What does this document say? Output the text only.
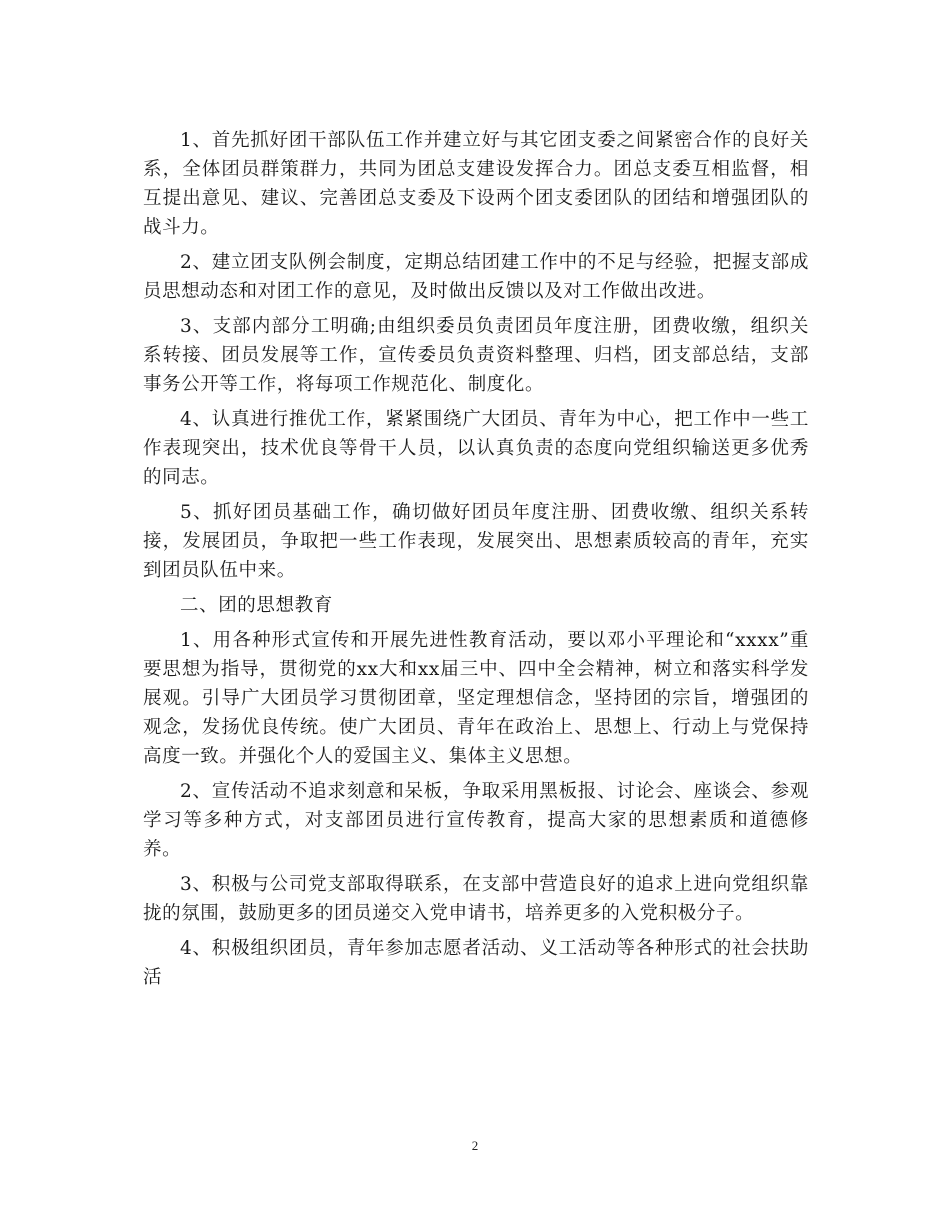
1、首先抓好团干部队伍工作并建立好与其它团支委之间紧密合作的良好关系，全体团员群策群力，共同为团总支建设发挥合力。团总支委互相监督，相互提出意见、建议、完善团总支委及下设两个团支委团队的团结和增强团队的战斗力。

2、建立团支队例会制度，定期总结团建工作中的不足与经验，把握支部成员思想动态和对团工作的意见，及时做出反馈以及对工作做出改进。

3、支部内部分工明确;由组织委员负责团员年度注册，团费收缴，组织关系转接、团员发展等工作，宣传委员负责资料整理、归档，团支部总结，支部事务公开等工作，将每项工作规范化、制度化。

4、认真进行推优工作，紧紧围绕广大团员、青年为中心，把工作中一些工作表现突出，技术优良等骨干人员，以认真负责的态度向党组织输送更多优秀的同志。

5、抓好团员基础工作，确切做好团员年度注册、团费收缴、组织关系转接，发展团员，争取把一些工作表现，发展突出、思想素质较高的青年，充实到团员队伍中来。

二、团的思想教育

1、用各种形式宣传和开展先进性教育活动，要以邓小平理论和“xxxx”重要思想为指导，贯彻党的xx大和xx届三中、四中全会精神，树立和落实科学发展观。引导广大团员学习贯彻团章，坚定理想信念，坚持团的宗旨，增强团的观念，发扬优良传统。使广大团员、青年在政治上、思想上、行动上与党保持高度一致。并强化个人的爱国主义、集体主义思想。

2、宣传活动不追求刻意和呆板，争取采用黑板报、讨论会、座谈会、参观学习等多种方式，对支部团员进行宣传教育，提高大家的思想素质和道德修养。

3、积极与公司党支部取得联系，在支部中营造良好的追求上进向党组织靠拢的氛围，鼓励更多的团员递交入党申请书，培养更多的入党积极分子。

4、积极组织团员，青年参加志愿者活动、义工活动等各种形式的社会扶助活

2
